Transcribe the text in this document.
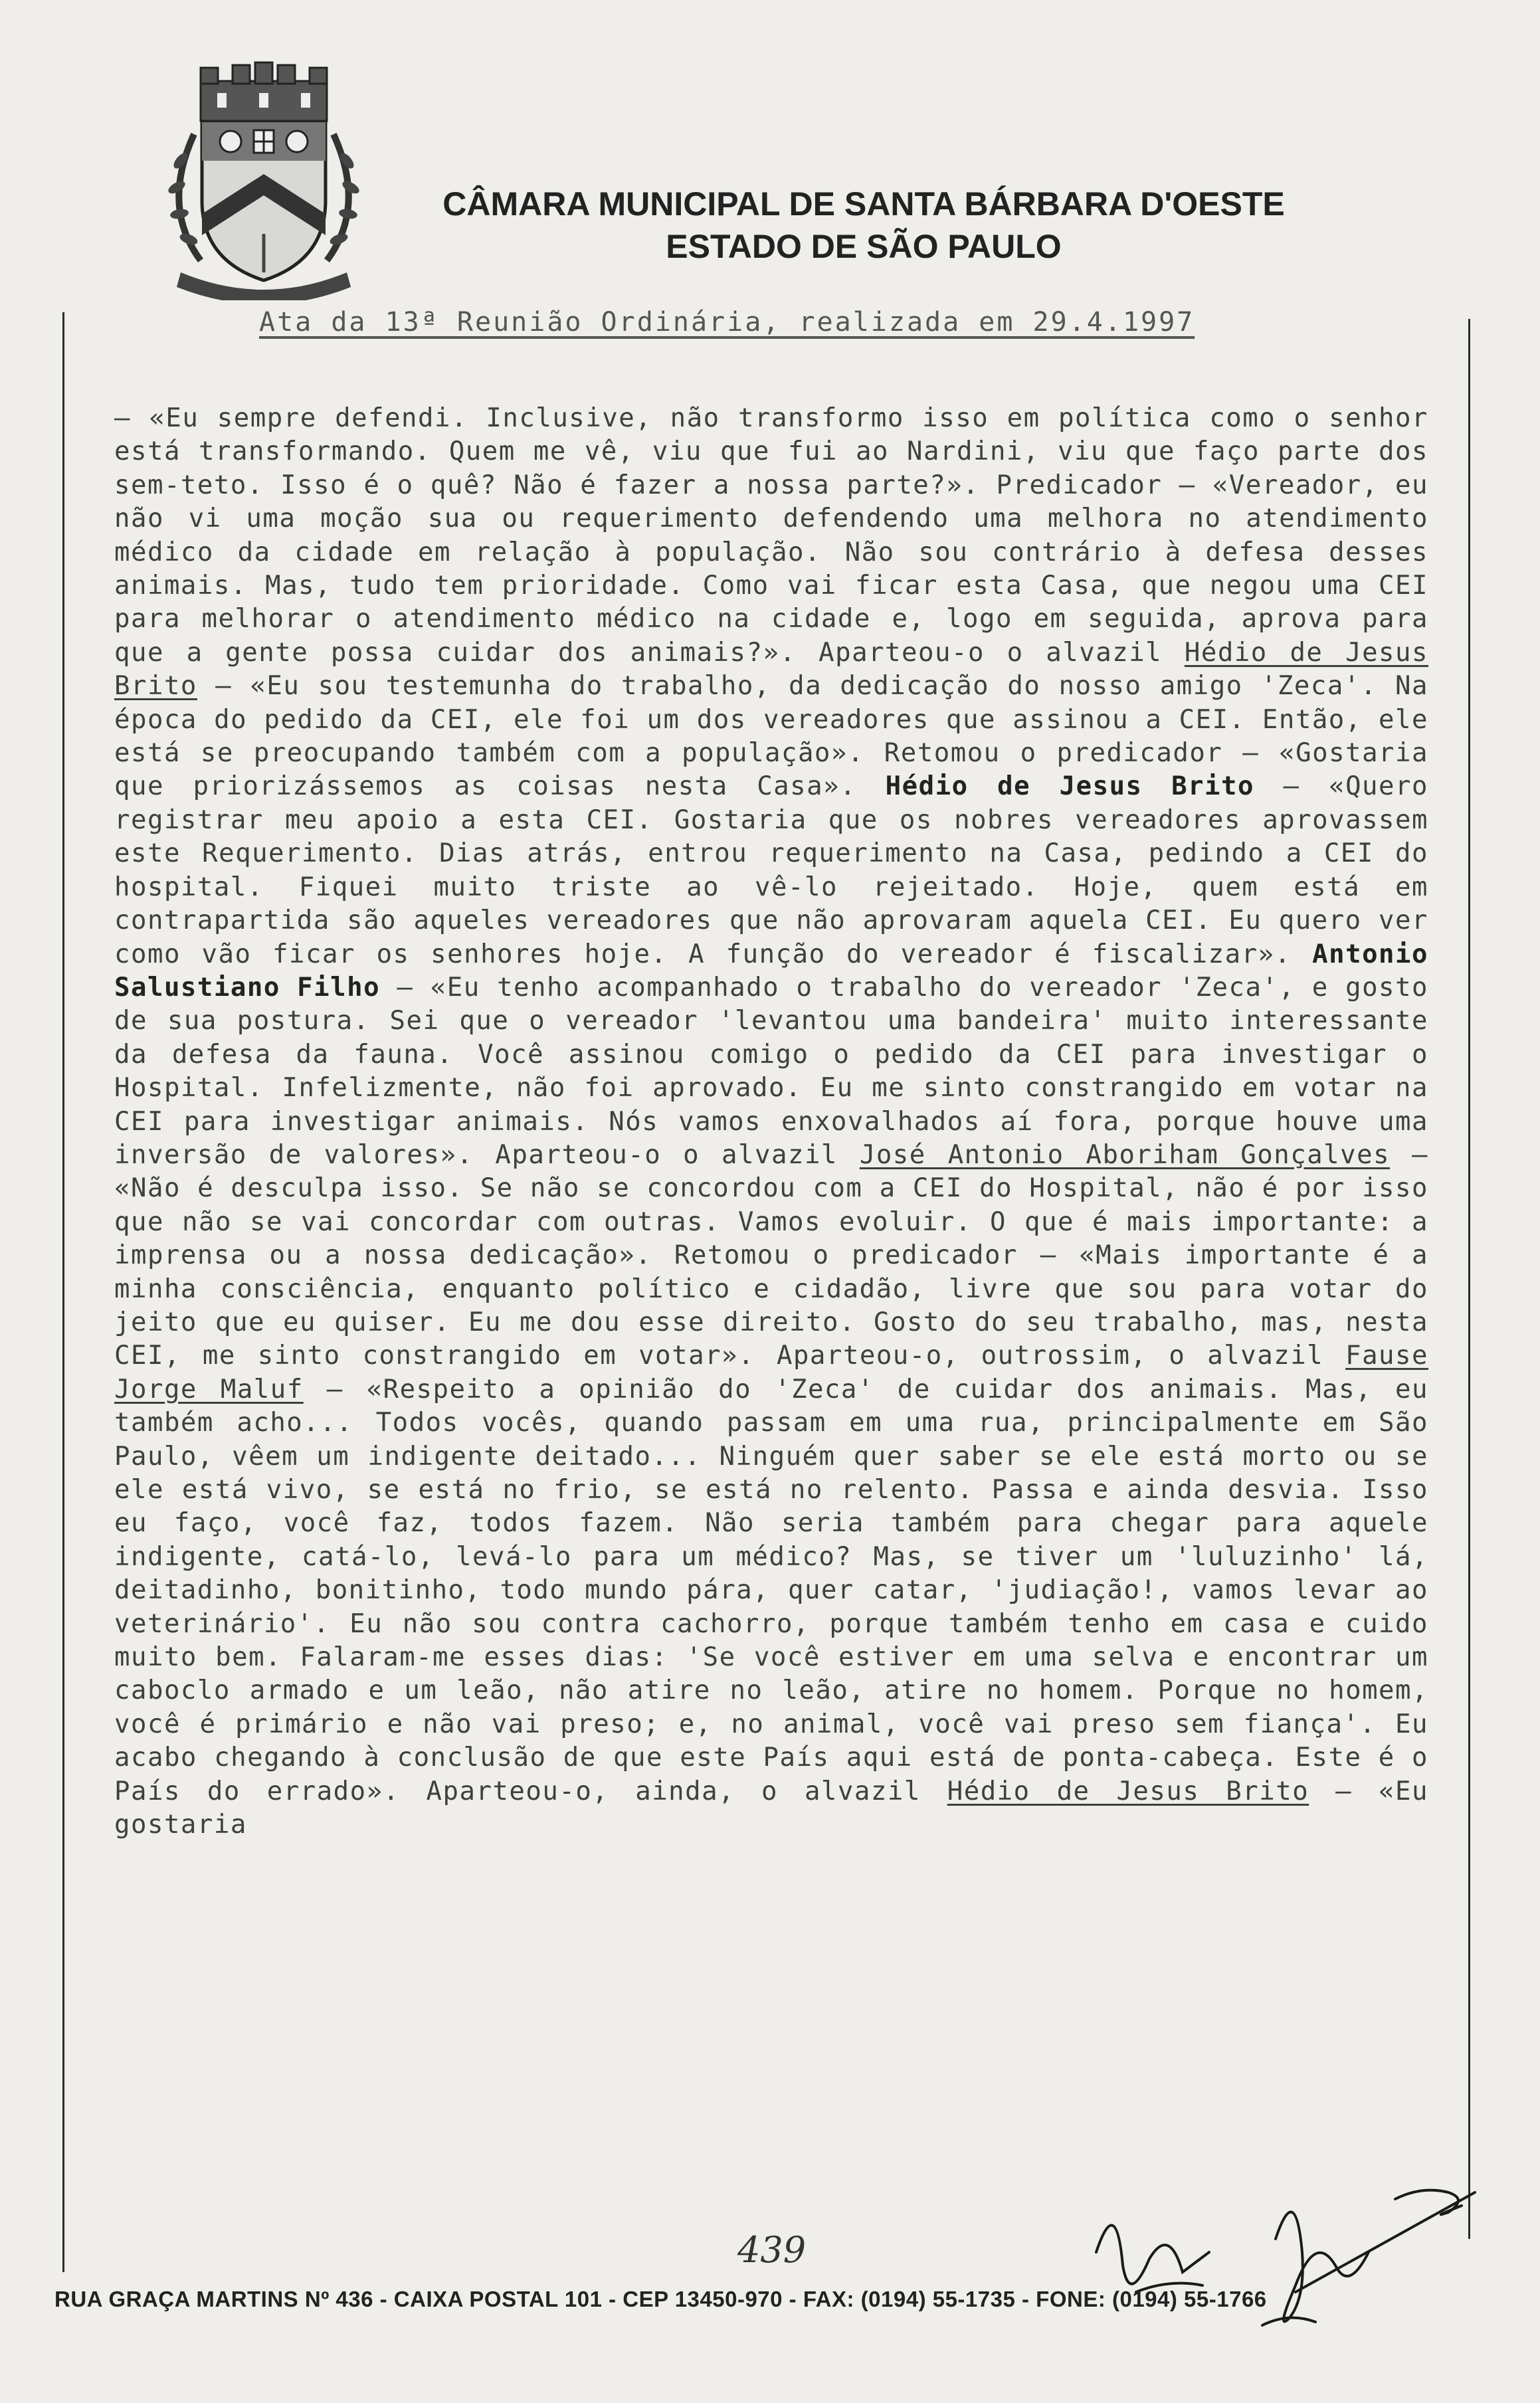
CÂMARA MUNICIPAL DE SANTA BÁRBARA D'OESTE
ESTADO DE SÃO PAULO
Ata da 13ª Reunião Ordinária, realizada em 29.4.1997
– «Eu sempre defendi. Inclusive, não transformo isso em política como o senhor está transformando. Quem me vê, viu que fui ao Nardini, viu que faço parte dos sem-teto. Isso é o quê? Não é fazer a nossa parte?». Predicador – «Vereador, eu não vi uma moção sua ou requerimento defendendo uma melhora no atendimento médico da cidade em relação à população. Não sou contrário à defesa desses animais. Mas, tudo tem prioridade. Como vai ficar esta Casa, que negou uma CEI para melhorar o atendimento médico na cidade e, logo em seguida, aprova para que a gente possa cuidar dos animais?». Aparteou-o o alvazil Hédio de Jesus Brito – «Eu sou testemunha do trabalho, da dedicação do nosso amigo 'Zeca'. Na época do pedido da CEI, ele foi um dos vereadores que assinou a CEI. Então, ele está se preocupando também com a população». Retomou o predicador – «Gostaria que priorizássemos as coisas nesta Casa». Hédio de Jesus Brito – «Quero registrar meu apoio a esta CEI. Gostaria que os nobres vereadores aprovassem este Requerimento. Dias atrás, entrou requerimento na Casa, pedindo a CEI do hospital. Fiquei muito triste ao vê-lo rejeitado. Hoje, quem está em contrapartida são aqueles vereadores que não aprovaram aquela CEI. Eu quero ver como vão ficar os senhores hoje. A função do vereador é fiscalizar». Antonio Salustiano Filho – «Eu tenho acompanhado o trabalho do vereador 'Zeca', e gosto de sua postura. Sei que o vereador 'levantou uma bandeira' muito interessante da defesa da fauna. Você assinou comigo o pedido da CEI para investigar o Hospital. Infelizmente, não foi aprovado. Eu me sinto constrangido em votar na CEI para investigar animais. Nós vamos enxovalhados aí fora, porque houve uma inversão de valores». Aparteou-o o alvazil José Antonio Aboriham Gonçalves – «Não é desculpa isso. Se não se concordou com a CEI do Hospital, não é por isso que não se vai concordar com outras. Vamos evoluir. O que é mais importante: a imprensa ou a nossa dedicação». Retomou o predicador – «Mais importante é a minha consciência, enquanto político e cidadão, livre que sou para votar do jeito que eu quiser. Eu me dou esse direito. Gosto do seu trabalho, mas, nesta CEI, me sinto constrangido em votar». Aparteou-o, outrossim, o alvazil Fause Jorge Maluf – «Respeito a opinião do 'Zeca' de cuidar dos animais. Mas, eu também acho... Todos vocês, quando passam em uma rua, principalmente em São Paulo, vêem um indigente deitado... Ninguém quer saber se ele está morto ou se ele está vivo, se está no frio, se está no relento. Passa e ainda desvia. Isso eu faço, você faz, todos fazem. Não seria também para chegar para aquele indigente, catá-lo, levá-lo para um médico? Mas, se tiver um 'luluzinho' lá, deitadinho, bonitinho, todo mundo pára, quer catar, 'judiação!, vamos levar ao veterinário'. Eu não sou contra cachorro, porque também tenho em casa e cuido muito bem. Falaram-me esses dias: 'Se você estiver em uma selva e encontrar um caboclo armado e um leão, não atire no leão, atire no homem. Porque no homem, você é primário e não vai preso; e, no animal, você vai preso sem fiança'. Eu acabo chegando à conclusão de que este País aqui está de ponta-cabeça. Este é o País do errado». Aparteou-o, ainda, o alvazil Hédio de Jesus Brito – «Eu gostaria
439
RUA GRAÇA MARTINS Nº 436 - CAIXA POSTAL 101 - CEP 13450-970 - FAX: (0194) 55-1735 - FONE: (0194) 55-1766
